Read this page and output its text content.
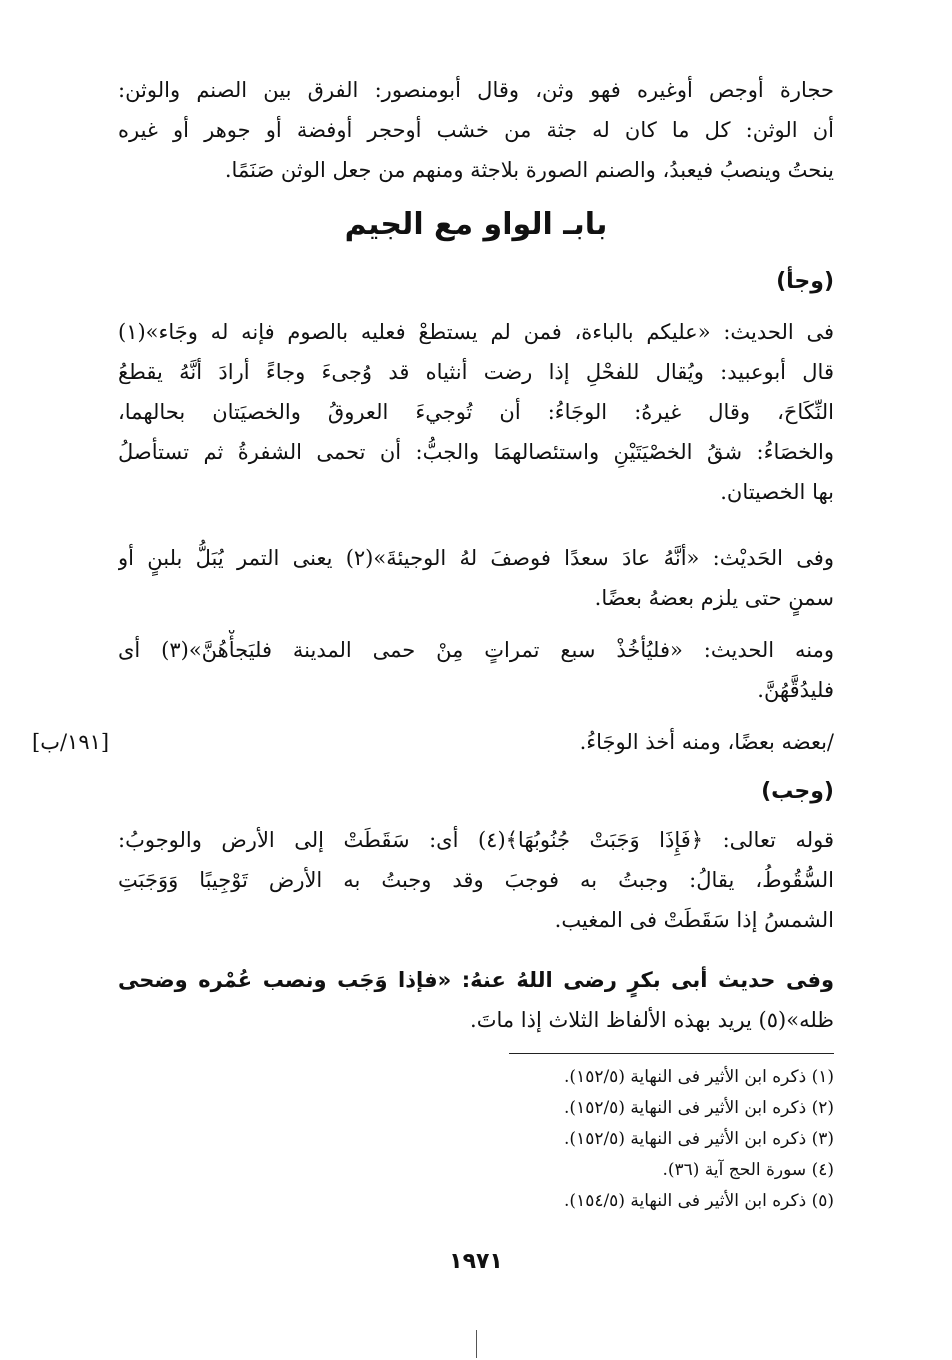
حجارة أوجص أوغيره فهو وثن، وقال أبومنصور: الفرق بين الصنم والوثن:
أن الوثن: كل ما كان له جثة من خشب أوحجر أوفضة أو جوهر أو غيره
ينحتُ وينصبُ فيعبدُ، والصنم الصورة بلاجثة ومنهم من جعل الوثن صَنَمًا.
بابـ الواو مع الجيم
(وجأ)
فى الحديث: «عليكم بالباءة، فمن لم يستطعْ فعليه بالصوم فإنه له وجَاء»(١)
قال أبوعبيد: ويُقال للفحْلِ إذا رضت أنثياه قد وُجىءَ وجاءً أرادَ أنَّهُ يقطعُ
النِّكَاحَ، وقال غيرهُ: الوجَاءُ: أن تُوجيءَ العروقُ والخصيَتان بحالهما،
والخصَاءُ: شقُ الخصْيَتَيْنِ واستئصالهمَا والجبُّ: أن تحمى الشفرةُ ثم تستأصلُ
بها الخصيتان.
وفى الحَديْث: «أنَّهُ عادَ سعدًا فوصفَ لهُ الوجيئةَ»(٢) يعنى التمر يُبَلُّ بلبنٍ أو
سمنٍ حتى يلزم بعضهُ بعضًا.
ومنه الحديث: «فليُأخُذْ سبع تمراتٍ مِنْ حمى المدينة فليَجأْهُنَّ»(٣) أى
فليدُقَّهُنَّ.
/بعضه بعضًا، ومنه أخذ الوجَاءُ.
[١٩١/ب]
(وجب)
قوله تعالى: ﴿فَإِذَا وَجَبَتْ جُنُوبُهَا﴾(٤) أى: سَقَطَتْ إلى الأرض والوجوبُ:
السُّقُوطُ، يقالُ: وجبتُ به فوجبَ وقد وجبتُ به الأرض تَوْجِيبًا وَوَجَبَتِ
الشمسُ إذا سَقَطَتْ فى المغيب.
وفى حديث أبى بكرٍ رضى اللهُ عنهُ: «فإذا وَجَب ونصب عُمْره وضحى
ظله»(٥) يريد بهذه الألفاظ الثلاث إذا ماتَ.
(١) ذكره ابن الأثير فى النهاية (١٥٢/٥).
(٢) ذكره ابن الأثير فى النهاية (١٥٢/٥).
(٣) ذكره ابن الأثير فى النهاية (١٥٢/٥).
(٤) سورة الحج آية (٣٦).
(٥) ذكره ابن الأثير فى النهاية (١٥٤/٥).
١٩٧١
